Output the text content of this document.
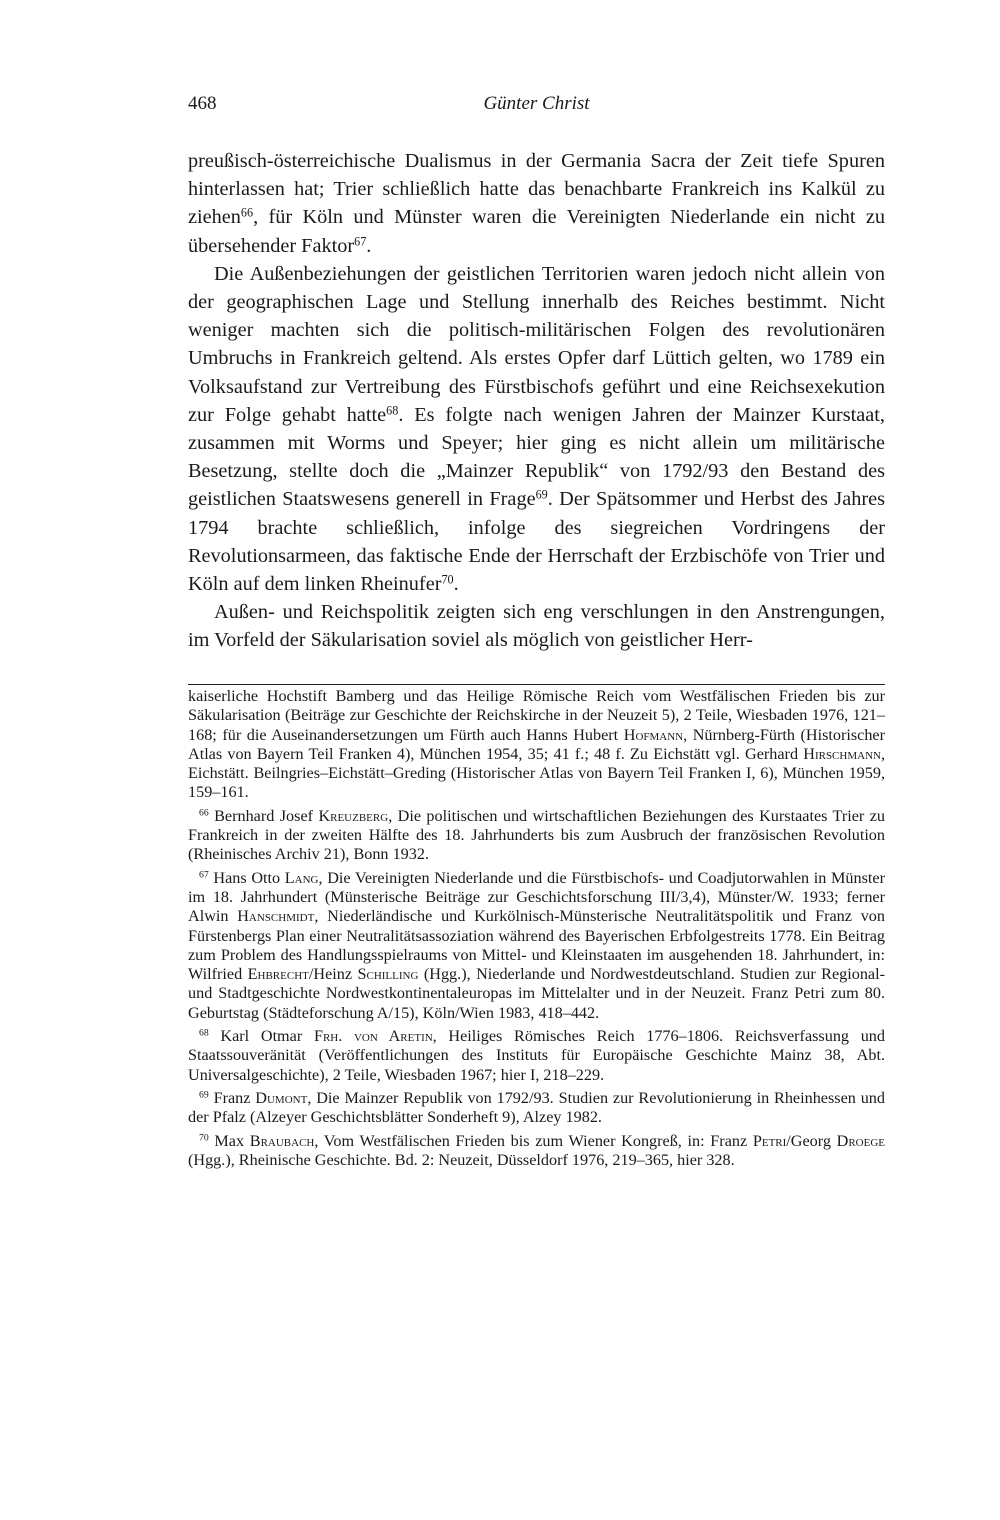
468	Günter Christ

preußisch-österreichische Dualismus in der Germania Sacra der Zeit tiefe Spuren hinterlassen hat; Trier schließlich hatte das benachbarte Frankreich ins Kalkül zu ziehen$^{66}$, für Köln und Münster waren die Vereinigten Niederlande ein nicht zu übersehender Faktor$^{67}$.

Die Außenbeziehungen der geistlichen Territorien waren jedoch nicht allein von der geographischen Lage und Stellung innerhalb des Reiches bestimmt. Nicht weniger machten sich die politisch-militärischen Folgen des revolutionären Umbruchs in Frankreich geltend. Als erstes Opfer darf Lüttich gelten, wo 1789 ein Volksaufstand zur Vertreibung des Fürstbischofs geführt und eine Reichsexekution zur Folge gehabt hatte$^{68}$. Es folgte nach wenigen Jahren der Mainzer Kurstaat, zusammen mit Worms und Speyer; hier ging es nicht allein um militärische Besetzung, stellte doch die „Mainzer Republik“ von 1792/93 den Bestand des geistlichen Staatswesens generell in Frage$^{69}$. Der Spätsommer und Herbst des Jahres 1794 brachte schließlich, infolge des siegreichen Vordringens der Revolutionsarmeen, das faktische Ende der Herrschaft der Erzbischöfe von Trier und Köln auf dem linken Rheinufer$^{70}$.

Außen- und Reichspolitik zeigten sich eng verschlungen in den Anstrengungen, im Vorfeld der Säkularisation soviel als möglich von geistlicher Herr-

kaiserliche Hochstift Bamberg und das Heilige Römische Reich vom Westfälischen Frieden bis zur Säkularisation (Beiträge zur Geschichte der Reichskirche in der Neuzeit 5), 2 Teile, Wiesbaden 1976, 121–168; für die Auseinandersetzungen um Fürth auch Hanns Hubert Hofmann, Nürnberg-Fürth (Historischer Atlas von Bayern Teil Franken 4), München 1954, 35; 41 f.; 48 f. Zu Eichstätt vgl. Gerhard Hirschmann, Eichstätt. Beilngries–Eichstätt–Greding (Historischer Atlas von Bayern Teil Franken I, 6), München 1959, 159–161.

$^{66}$ Bernhard Josef Kreuzberg, Die politischen und wirtschaftlichen Beziehungen des Kurstaates Trier zu Frankreich in der zweiten Hälfte des 18. Jahrhunderts bis zum Ausbruch der französischen Revolution (Rheinisches Archiv 21), Bonn 1932.

$^{67}$ Hans Otto Lang, Die Vereinigten Niederlande und die Fürstbischofs- und Coadjutorwahlen in Münster im 18. Jahrhundert (Münsterische Beiträge zur Geschichtsforschung III/3,4), Münster/W. 1933; ferner Alwin Hanschmidt, Niederländische und Kurkölnisch-Münsterische Neutralitätspolitik und Franz von Fürstenbergs Plan einer Neutralitätsassoziation während des Bayerischen Erbfolgestreits 1778. Ein Beitrag zum Problem des Handlungsspielraums von Mittel- und Kleinstaaten im ausgehenden 18. Jahrhundert, in: Wilfried Ehbrecht/Heinz Schilling (Hgg.), Niederlande und Nordwestdeutschland. Studien zur Regional- und Stadtgeschichte Nordwestkontinentaleuropas im Mittelalter und in der Neuzeit. Franz Petri zum 80. Geburtstag (Städteforschung A/15), Köln/Wien 1983, 418–442.

$^{68}$ Karl Otmar Frh. von Aretin, Heiliges Römisches Reich 1776–1806. Reichsverfassung und Staatssouveränität (Veröffentlichungen des Instituts für Europäische Geschichte Mainz 38, Abt. Universalgeschichte), 2 Teile, Wiesbaden 1967; hier I, 218–229.

$^{69}$ Franz Dumont, Die Mainzer Republik von 1792/93. Studien zur Revolutionierung in Rheinhessen und der Pfalz (Alzeyer Geschichtsblätter Sonderheft 9), Alzey 1982.

$^{70}$ Max Braubach, Vom Westfälischen Frieden bis zum Wiener Kongreß, in: Franz Petri/Georg Droege (Hgg.), Rheinische Geschichte. Bd. 2: Neuzeit, Düsseldorf 1976, 219–365, hier 328.
